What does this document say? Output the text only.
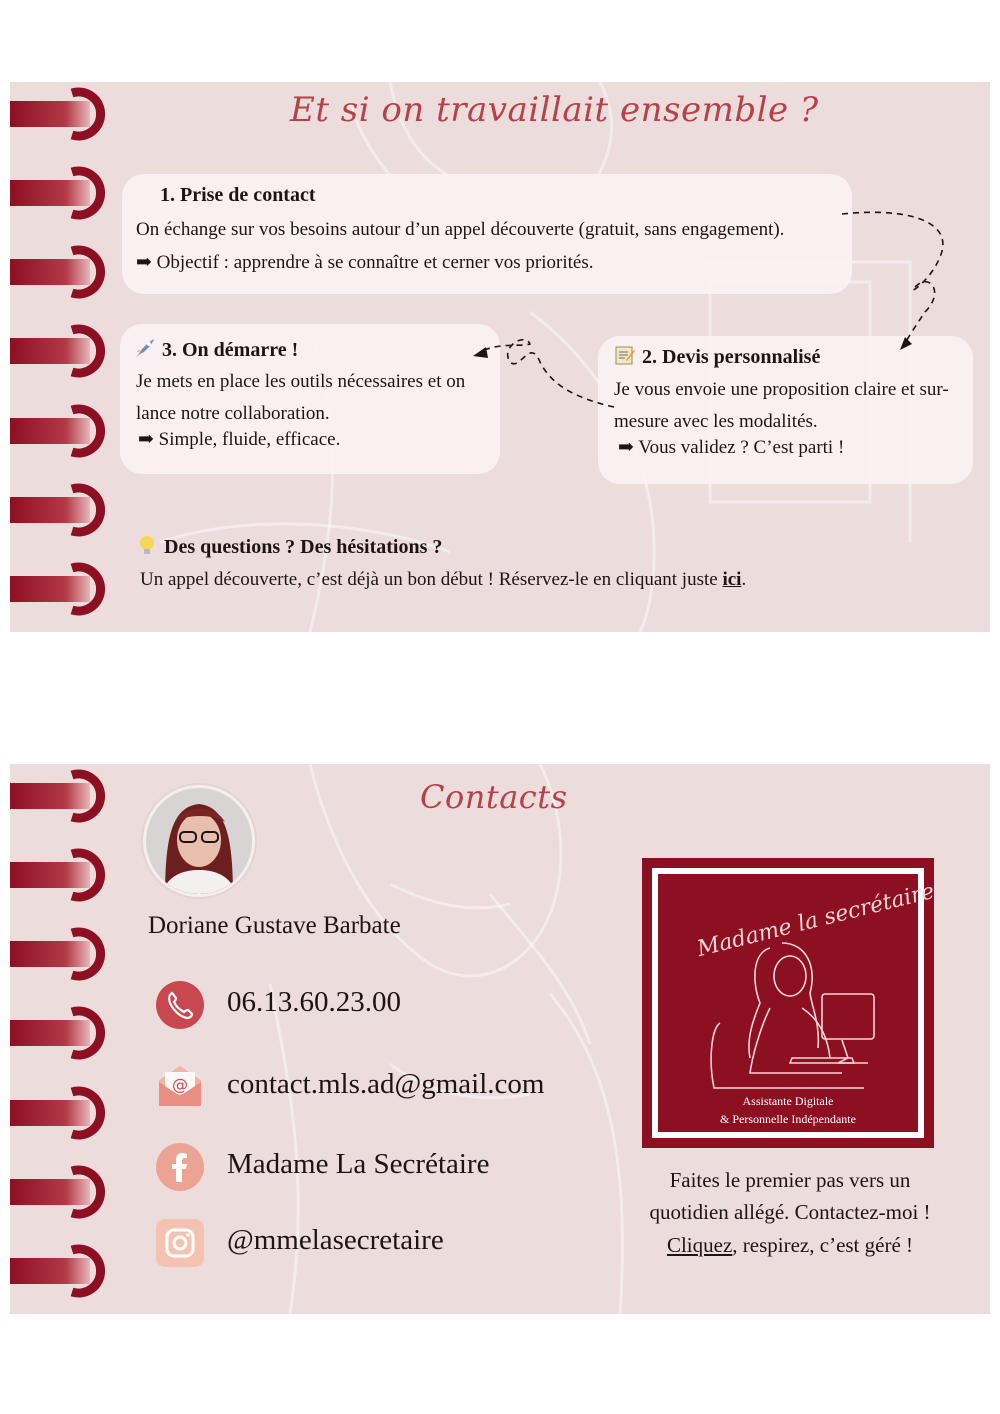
Et si on travaillait ensemble ?
1. Prise de contact
On échange sur vos besoins autour d’un appel découverte (gratuit, sans engagement).
➡ Objectif : apprendre à se connaître et cerner vos priorités.
3. On démarre !
Je mets en place les outils nécessaires et on
lance notre collaboration.
➡ Simple, fluide, efficace.
2. Devis personnalisé
Je vous envoie une proposition claire et sur-
mesure avec les modalités.
➡ Vous validez ? C’est parti !
Des questions ? Des hésitations ?
Un appel découverte, c’est déjà un bon début ! Réservez-le en cliquant juste ici.
Contacts
Doriane Gustave Barbate
06.13.60.23.00
@ contact.mls.ad@gmail.com
Madame La Secrétaire
@mmelasecretaire
Madame la secrétaire
Assistante Digitale
& Personnelle Indépendante
Faites le premier pas vers un
quotidien allégé. Contactez-moi !
Cliquez, respirez, c’est géré !
